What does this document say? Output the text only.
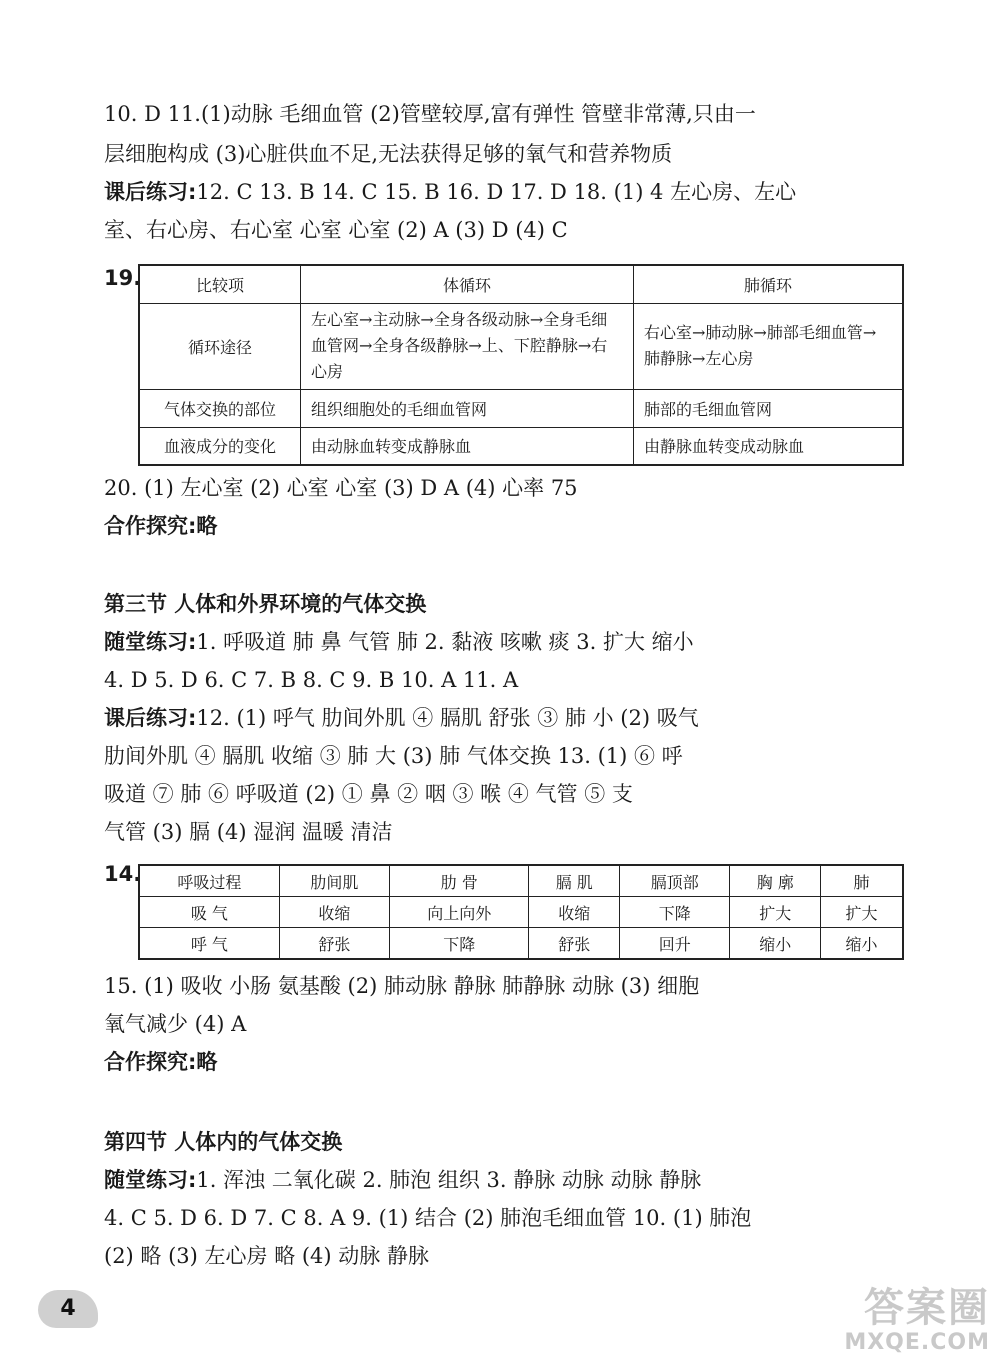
10. D 11.(1)动脉 毛细血管 (2)管壁较厚,富有弹性 管壁非常薄,只由一
层细胞构成 (3)心脏供血不足,无法获得足够的氧气和营养物质
课后练习:12. C 13. B 14. C 15. B 16. D 17. D 18. (1) 4 左心房、左心
室、右心房、右心室 心室 心室 (2) A (3) D (4) C
19.	比较项	体循环	肺循环
循环途径	左心室→主动脉→全身各级动脉→全身毛细血管网→全身各级静脉→上、下腔静脉→右心房	右心室→肺动脉→肺部毛细血管→肺静脉→左心房
气体交换的部位	组织细胞处的毛细血管网	肺部的毛细血管网
血液成分的变化	由动脉血转变成静脉血	由静脉血转变成动脉血
20. (1) 左心室 (2) 心室 心室 (3) D A (4) 心率 75
合作探究:略
第三节 人体和外界环境的气体交换
随堂练习:1. 呼吸道 肺 鼻 气管 肺 2. 黏液 咳嗽 痰 3. 扩大 缩小
4. D 5. D 6. C 7. B 8. C 9. B 10. A 11. A
课后练习:12. (1) 呼气 肋间外肌 ④ 膈肌 舒张 ③ 肺 小 (2) 吸气
肋间外肌 ④ 膈肌 收缩 ③ 肺 大 (3) 肺 气体交换 13. (1) ⑥ 呼
吸道 ⑦ 肺 ⑥ 呼吸道 (2) ① 鼻 ② 咽 ③ 喉 ④ 气管 ⑤ 支
气管 (3) 膈 (4) 湿润 温暖 清洁
14. 呼吸过程	肋间肌	肋 骨	膈 肌	膈顶部	胸 廓	肺
吸 气	收缩	向上向外	收缩	下降	扩大	扩大
呼 气	舒张	下降	舒张	回升	缩小	缩小
15. (1) 吸收 小肠 氨基酸 (2) 肺动脉 静脉 肺静脉 动脉 (3) 细胞
氧气减少 (4) A
合作探究:略
第四节 人体内的气体交换
随堂练习:1. 浑浊 二氧化碳 2. 肺泡 组织 3. 静脉 动脉 动脉 静脉
4. C 5. D 6. D 7. C 8. A 9. (1) 结合 (2) 肺泡毛细血管 10. (1) 肺泡
(2) 略 (3) 左心房 略 (4) 动脉 静脉
4	答案圈
MXQE.COM
